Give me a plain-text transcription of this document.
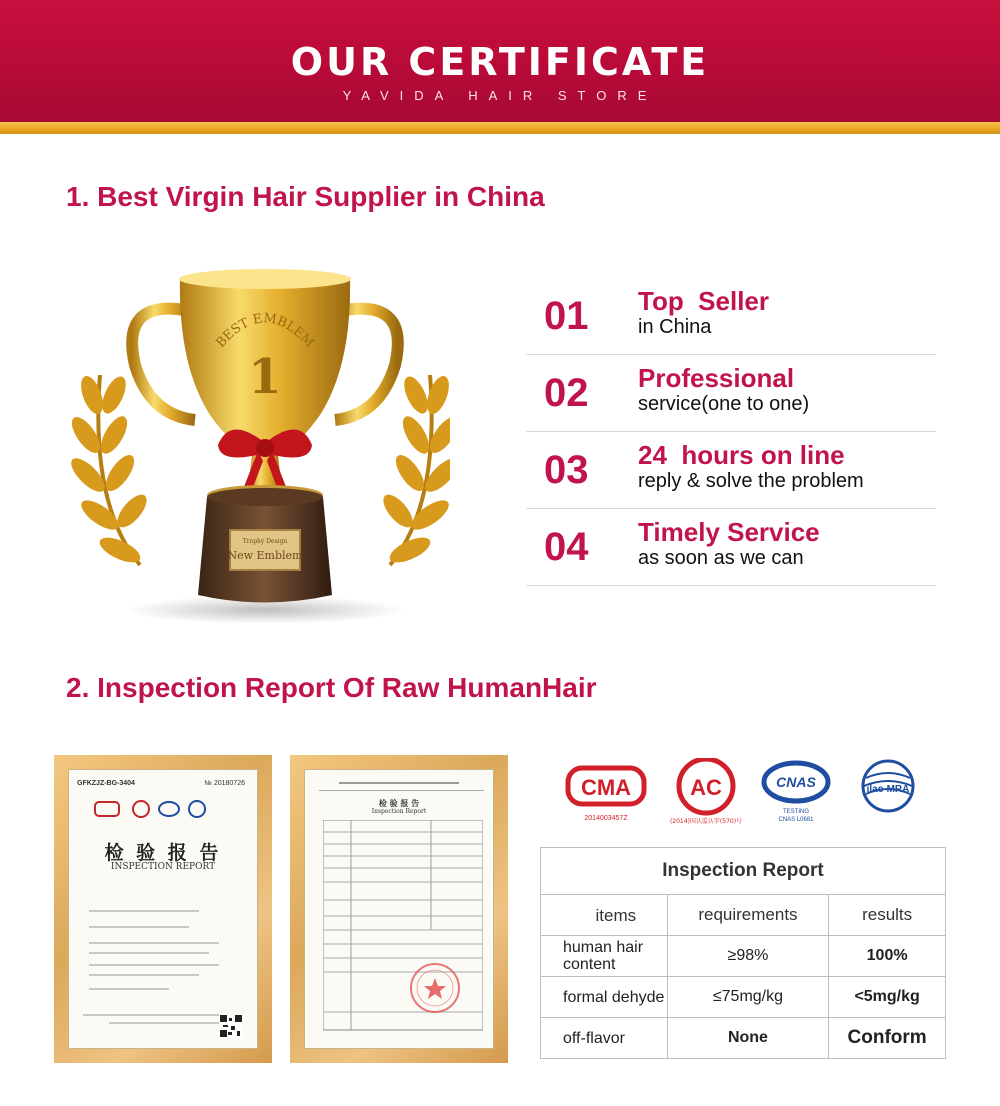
OUR CERTIFICATE
YAVIDA HAIR STORE
1. Best Virgin Hair Supplier in China
Trophy Design
New Emblem
BEST EMBLEM
1
01 Top  Seller
in China
02 Professional
service(one to one)
03 24  hours on line
reply & solve the problem
04 Timely Service
as soon as we can
2. Inspection Report Of Raw HumanHair
GFKZJZ-BG-3404	№ 20180726
检 验 报 告
INSPECTION REPORT
检 验 报 告
Inspection Report
CMA
2014003457Z
AC
(2014)国认监认字(570)号
CNAS
TESTING
CNAS L0681
ilac-MRA
Inspection Report		
items	requirements	results
human hair content	≥98%	100%
formal dehyde	≤75mg/kg	<5mg/kg
off-flavor	None	Conform
